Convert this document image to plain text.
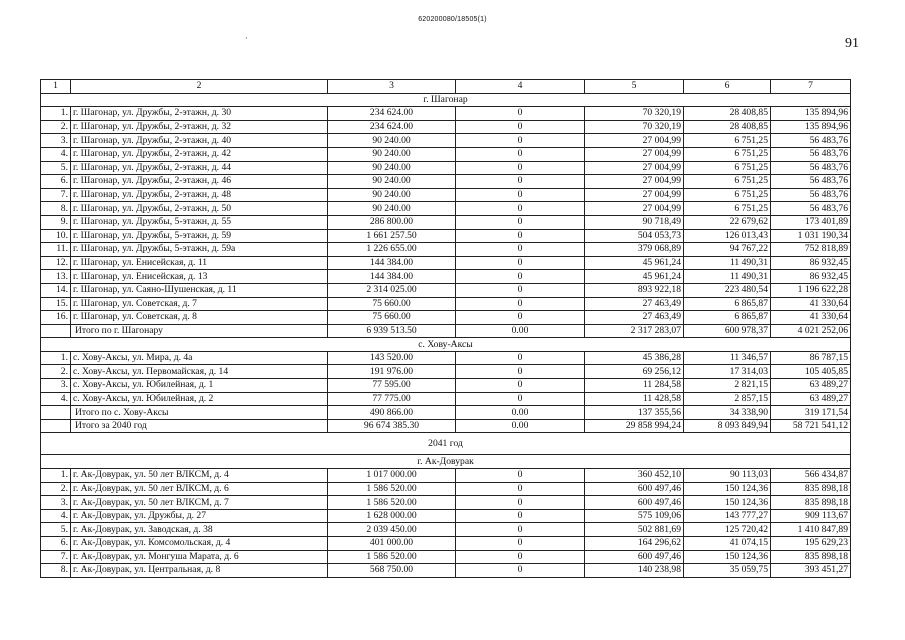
620200080/18505(1)
·	91
1	2	3	4	5	6	7
г. Шагонар						
1.	г. Шагонар, ул. Дружбы, 2-этажн, д. 30	234 624.00	0	70 320,19	28 408,85	135 894,96
2.	г. Шагонар, ул. Дружбы, 2-этажн, д. 32	234 624.00	0	70 320,19	28 408,85	135 894,96
3.	г. Шагонар, ул. Дружбы, 2-этажн, д. 40	90 240.00	0	27 004,99	6 751,25	56 483,76
4.	г. Шагонар, ул. Дружбы, 2-этажн, д. 42	90 240.00	0	27 004,99	6 751,25	56 483,76
5.	г. Шагонар, ул. Дружбы, 2-этажн, д. 44	90 240.00	0	27 004,99	6 751,25	56 483,76
6.	г. Шагонар, ул. Дружбы, 2-этажн, д. 46	90 240.00	0	27 004,99	6 751,25	56 483,76
7.	г. Шагонар, ул. Дружбы, 2-этажн, д. 48	90 240.00	0	27 004,99	6 751,25	56 483,76
8.	г. Шагонар, ул. Дружбы, 2-этажн, д. 50	90 240.00	0	27 004,99	6 751,25	56 483,76
9.	г. Шагонар, ул. Дружбы, 5-этажн, д. 55	286 800.00	0	90 718,49	22 679,62	173 401,89
10.	г. Шагонар, ул. Дружбы, 5-этажн, д. 59	1 661 257.50	0	504 053,73	126 013,43	1 031 190,34
11.	г. Шагонар, ул. Дружбы, 5-этажн, д. 59а	1 226 655.00	0	379 068,89	94 767,22	752 818,89
12.	г. Шагонар, ул. Енисейская, д. 11	144 384.00	0	45 961,24	11 490,31	86 932,45
13.	г. Шагонар, ул. Енисейская, д. 13	144 384.00	0	45 961,24	11 490,31	86 932,45
14.	г. Шагонар, ул. Саяно-Шушенская, д. 11	2 314 025.00	0	893 922,18	223 480,54	1 196 622,28
15.	г. Шагонар, ул. Советская, д. 7	75 660.00	0	27 463,49	6 865,87	41 330,64
16.	г. Шагонар, ул. Советская, д. 8	75 660.00	0	27 463,49	6 865,87	41 330,64
	Итого по г. Шагонару	6 939 513.50	0.00	2 317 283,07	600 978,37	4 021 252,06
с. Хову-Аксы						
1.	с. Хову-Аксы, ул. Мира, д. 4а	143 520.00	0	45 386,28	11 346,57	86 787,15
2.	с. Хову-Аксы, ул. Первомайская, д. 14	191 976.00	0	69 256,12	17 314,03	105 405,85
3.	с. Хову-Аксы, ул. Юбилейная, д. 1	77 595.00	0	11 284,58	2 821,15	63 489,27
4.	с. Хову-Аксы, ул. Юбилейная, д. 2	77 775.00	0	11 428,58	2 857,15	63 489,27
	Итого по с. Хову-Аксы	490 866.00	0.00	137 355,56	34 338,90	319 171,54
	Итого за 2040 год	96 674 385.30	0.00	29 858 994,24	8 093 849,94	58 721 541,12
2041 год						
г. Ак-Довурак						
1.	г. Ак-Довурак, ул. 50 лет ВЛКСМ, д. 4	1 017 000.00	0	360 452,10	90 113,03	566 434,87
2.	г. Ак-Довурак, ул. 50 лет ВЛКСМ, д. 6	1 586 520.00	0	600 497,46	150 124,36	835 898,18
3.	г. Ак-Довурак, ул. 50 лет ВЛКСМ, д. 7	1 586 520.00	0	600 497,46	150 124,36	835 898,18
4.	г. Ак-Довурак, ул. Дружбы, д. 27	1 628 000.00	0	575 109,06	143 777,27	909 113,67
5.	г. Ак-Довурак, ул. Заводская, д. 38	2 039 450.00	0	502 881,69	125 720,42	1 410 847,89
6.	г. Ак-Довурак, ул. Комсомольская, д. 4	401 000.00	0	164 296,62	41 074,15	195 629,23
7.	г. Ак-Довурак, ул. Монгуша Марата, д. 6	1 586 520.00	0	600 497,46	150 124,36	835 898,18
8.	г. Ак-Довурак, ул. Центральная, д. 8	568 750.00	0	140 238,98	35 059,75	393 451,27
